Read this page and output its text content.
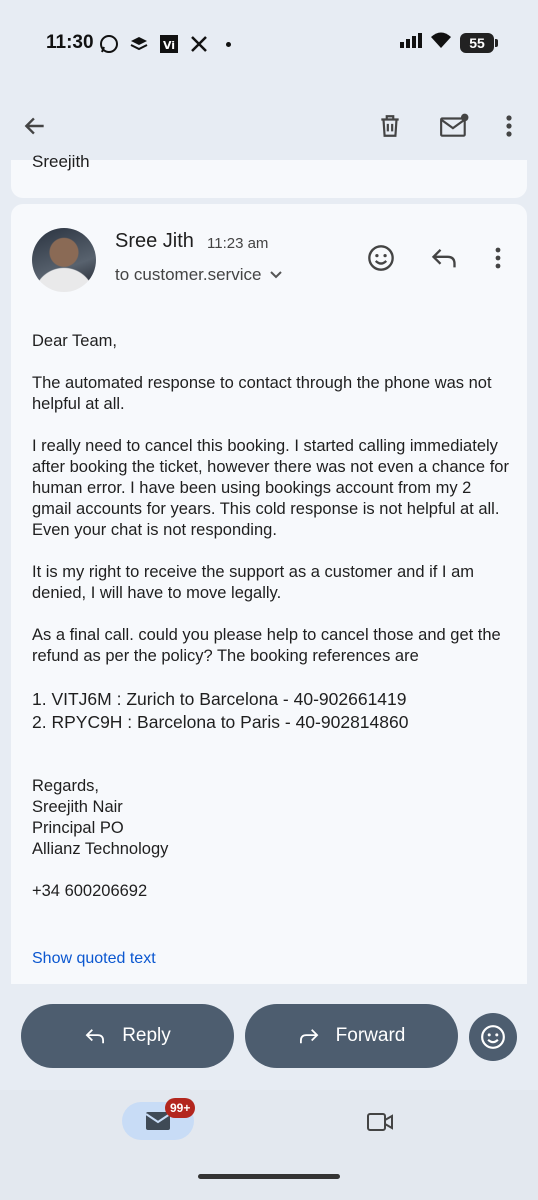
11:30	Vi	55
Sreejith
Sree Jith 11:23 am
to customer.service
Dear Team,
The automated response to contact through the phone was not helpful at all.
I really need to cancel this booking. I started calling immediately after booking the ticket, however there was not even a chance for human error. I have been using bookings account from my 2 gmail accounts for years. This cold response is not helpful at all. Even your chat is not responding.
It is my right to receive the support as a customer and if I am denied, I will have to move legally.
As a final call. could you please help to cancel those and get the refund as per the policy? The booking references are
1. VITJ6M : Zurich to Barcelona - 40-902661419
2. RPYC9H : Barcelona to Paris - 40-902814860
Regards,
Sreejith Nair
Principal PO
Allianz Technology
+34 600206692
Show quoted text
Reply	Forward
99+
